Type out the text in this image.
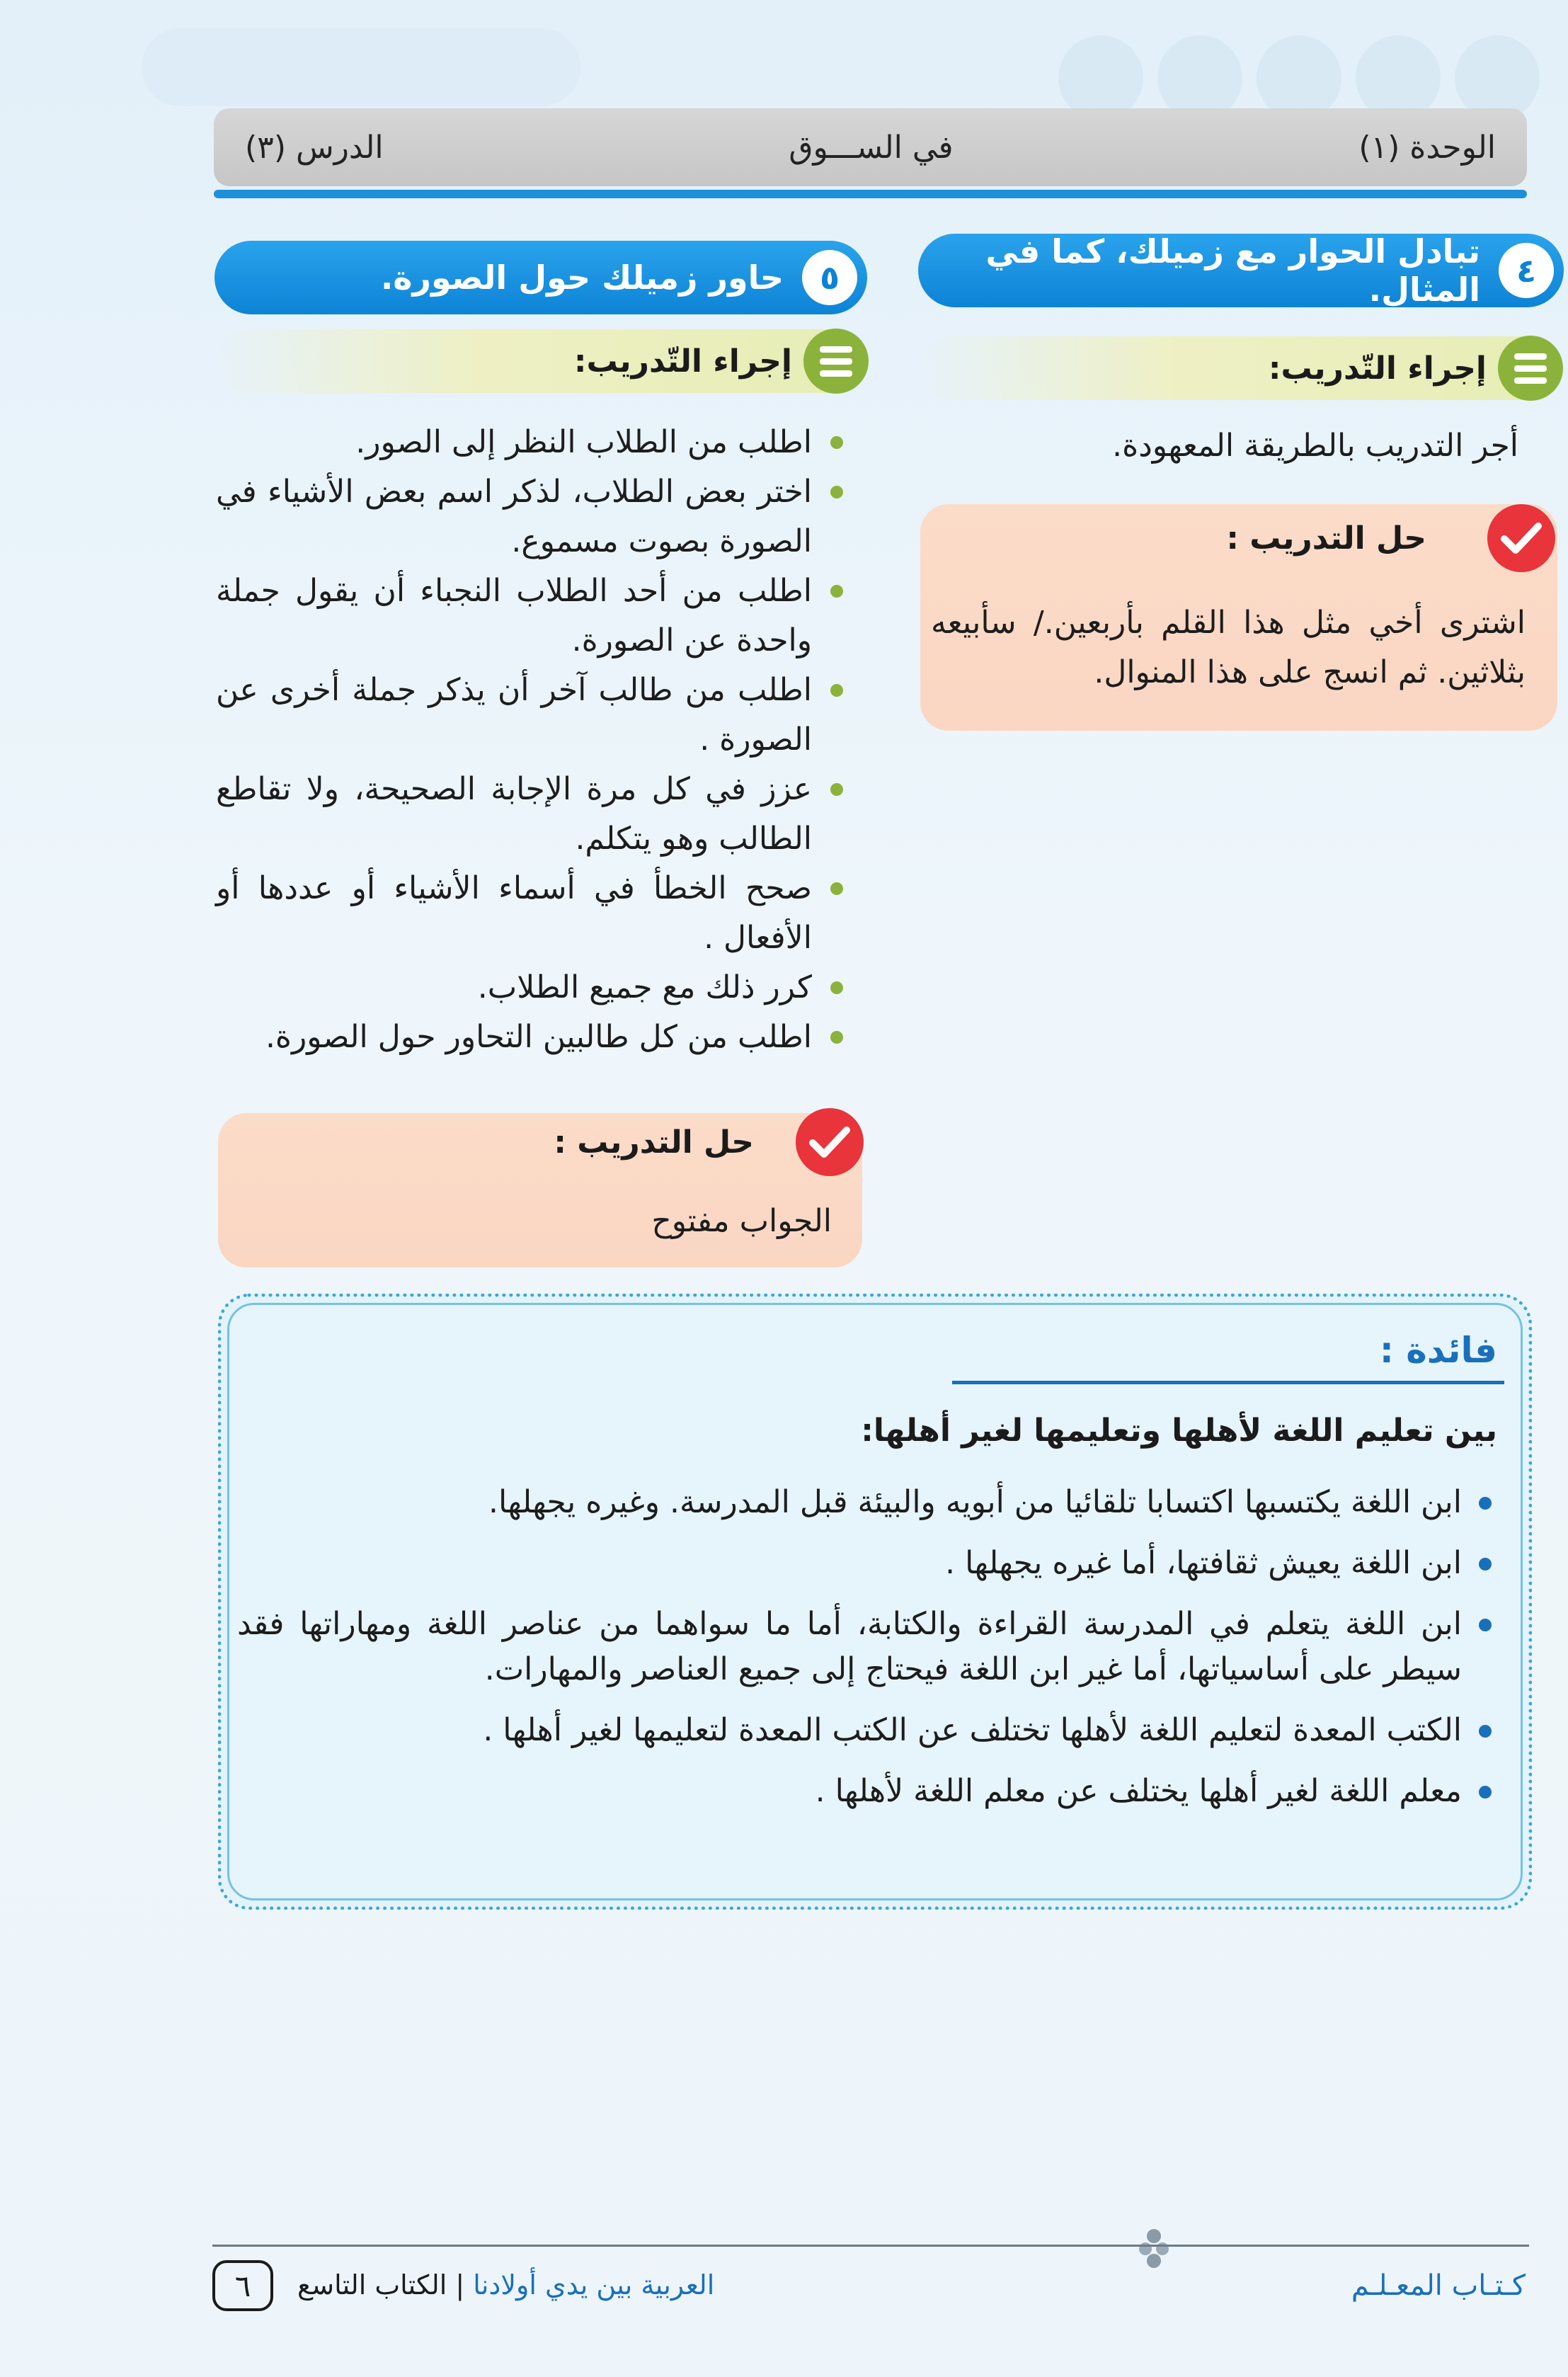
الوحدة (١)
في الســـوق
الدرس (٣)
٤
تبادل الحوار مع زميلك، كما في المثال.
إجراء التّدريب:
أجر التدريب بالطريقة المعهودة.
حل التدريب :
اشترى أخي مثل هذا القلم بأربعين./ سأبيعه بثلاثين. ثم انسج على هذا المنوال.
٥
حاور زميلك حول الصورة.
إجراء التّدريب:
اطلب من الطلاب النظر إلى الصور.
اختر بعض الطلاب، لذكر اسم بعض الأشياء في الصورة بصوت مسموع.
اطلب من أحد الطلاب النجباء أن يقول جملة واحدة عن الصورة.
اطلب من طالب آخر أن يذكر جملة أخرى عن الصورة .
عزز في كل مرة الإجابة الصحيحة، ولا تقاطع الطالب وهو يتكلم.
صحح الخطأ في أسماء الأشياء أو عددها أو الأفعال .
كرر ذلك مع جميع الطلاب.
اطلب من كل طالبين التحاور حول الصورة.
حل التدريب :
الجواب مفتوح
فائدة :
بين تعليم اللغة لأهلها وتعليمها لغير أهلها:
ابن اللغة يكتسبها اكتسابا تلقائيا من أبويه والبيئة قبل المدرسة. وغيره يجهلها.
ابن اللغة يعيش ثقافتها، أما غيره يجهلها .
ابن اللغة يتعلم في المدرسة القراءة والكتابة، أما ما سواهما من عناصر اللغة ومهاراتها فقد سيطر على أساسياتها، أما غير ابن اللغة فيحتاج إلى جميع العناصر والمهارات.
الكتب المعدة لتعليم اللغة لأهلها تختلف عن الكتب المعدة لتعليمها لغير أهلها .
معلم اللغة لغير أهلها يختلف عن معلم اللغة لأهلها .
كـتـاب المعـلـم
العربية بين يدي أولادنا | الكتاب التاسع
٦
